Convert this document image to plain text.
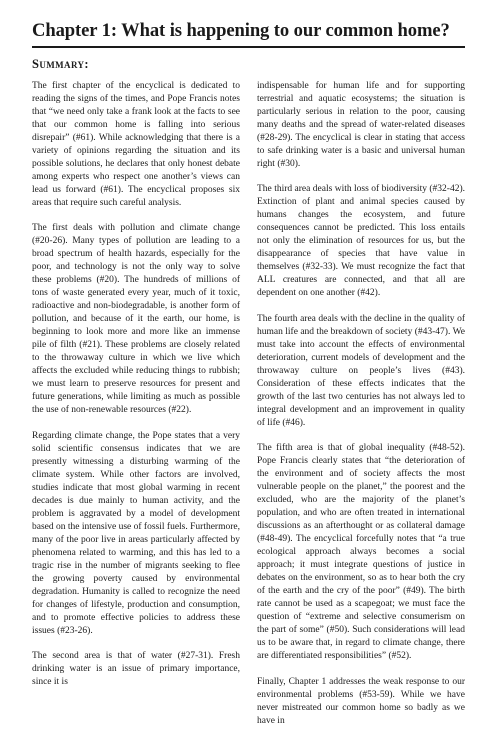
Chapter 1: What is happening to our common home?
Summary:

The first chapter of the encyclical is dedicated to reading the signs of the times, and Pope Francis notes that “we need only take a frank look at the facts to see that our common home is falling into serious disrepair” (#61). While acknowledging that there is a variety of opinions regarding the situation and its possible solutions, he declares that only honest debate among experts who respect one another’s views can lead us forward (#61). The encyclical proposes six areas that require such careful analysis.

The first deals with pollution and climate change (#20-26). Many types of pollution are leading to a broad spectrum of health hazards, especially for the poor, and technology is not the only way to solve these problems (#20). The hundreds of millions of tons of waste generated every year, much of it toxic, radioactive and non-biodegradable, is another form of pollution, and because of it the earth, our home, is beginning to look more and more like an immense pile of filth (#21). These problems are closely related to the throwaway culture in which we live which affects the excluded while reducing things to rubbish; we must learn to preserve resources for present and future generations, while limiting as much as possible the use of non-renewable resources (#22).

Regarding climate change, the Pope states that a very solid scientific consensus indicates that we are presently witnessing a disturbing warming of the climate system. While other factors are involved, studies indicate that most global warming in recent decades is due mainly to human activity, and the problem is aggravated by a model of development based on the intensive use of fossil fuels. Furthermore, many of the poor live in areas particularly affected by phenomena related to warming, and this has led to a tragic rise in the number of migrants seeking to flee the growing poverty caused by environmental degradation. Humanity is called to recognize the need for changes of lifestyle, production and consumption, and to promote effective policies to address these issues (#23-26).

The second area is that of water (#27-31). Fresh drinking water is an issue of primary importance, since it is

indispensable for human life and for supporting terrestrial and aquatic ecosystems; the situation is particularly serious in relation to the poor, causing many deaths and the spread of water-related diseases (#28-29). The encyclical is clear in stating that access to safe drinking water is a basic and universal human right (#30).

The third area deals with loss of biodiversity (#32-42). Extinction of plant and animal species caused by humans changes the ecosystem, and future consequences cannot be predicted. This loss entails not only the elimination of resources for us, but the disappearance of species that have value in themselves (#32-33). We must recognize the fact that ALL creatures are connected, and that all are dependent on one another (#42).

The fourth area deals with the decline in the quality of human life and the breakdown of society (#43-47). We must take into account the effects of environmental deterioration, current models of development and the throwaway culture on people’s lives (#43). Consideration of these effects indicates that the growth of the last two centuries has not always led to integral development and an improvement in quality of life (#46).

The fifth area is that of global inequality (#48-52). Pope Francis clearly states that “the deterioration of the environment and of society affects the most vulnerable people on the planet,” the poorest and the excluded, who are the majority of the planet’s population, and who are often treated in international discussions as an afterthought or as collateral damage (#48-49). The encyclical forcefully notes that “a true ecological approach always becomes a social approach; it must integrate questions of justice in debates on the environment, so as to hear both the cry of the earth and the cry of the poor” (#49). The birth rate cannot be used as a scapegoat; we must face the question of “extreme and selective consumerism on the part of some” (#50). Such considerations will lead us to be aware that, in regard to climate change, there are differentiated responsibilities” (#52).

Finally, Chapter 1 addresses the weak response to our environmental problems (#53-59). While we have never mistreated our common home so badly as we have in
